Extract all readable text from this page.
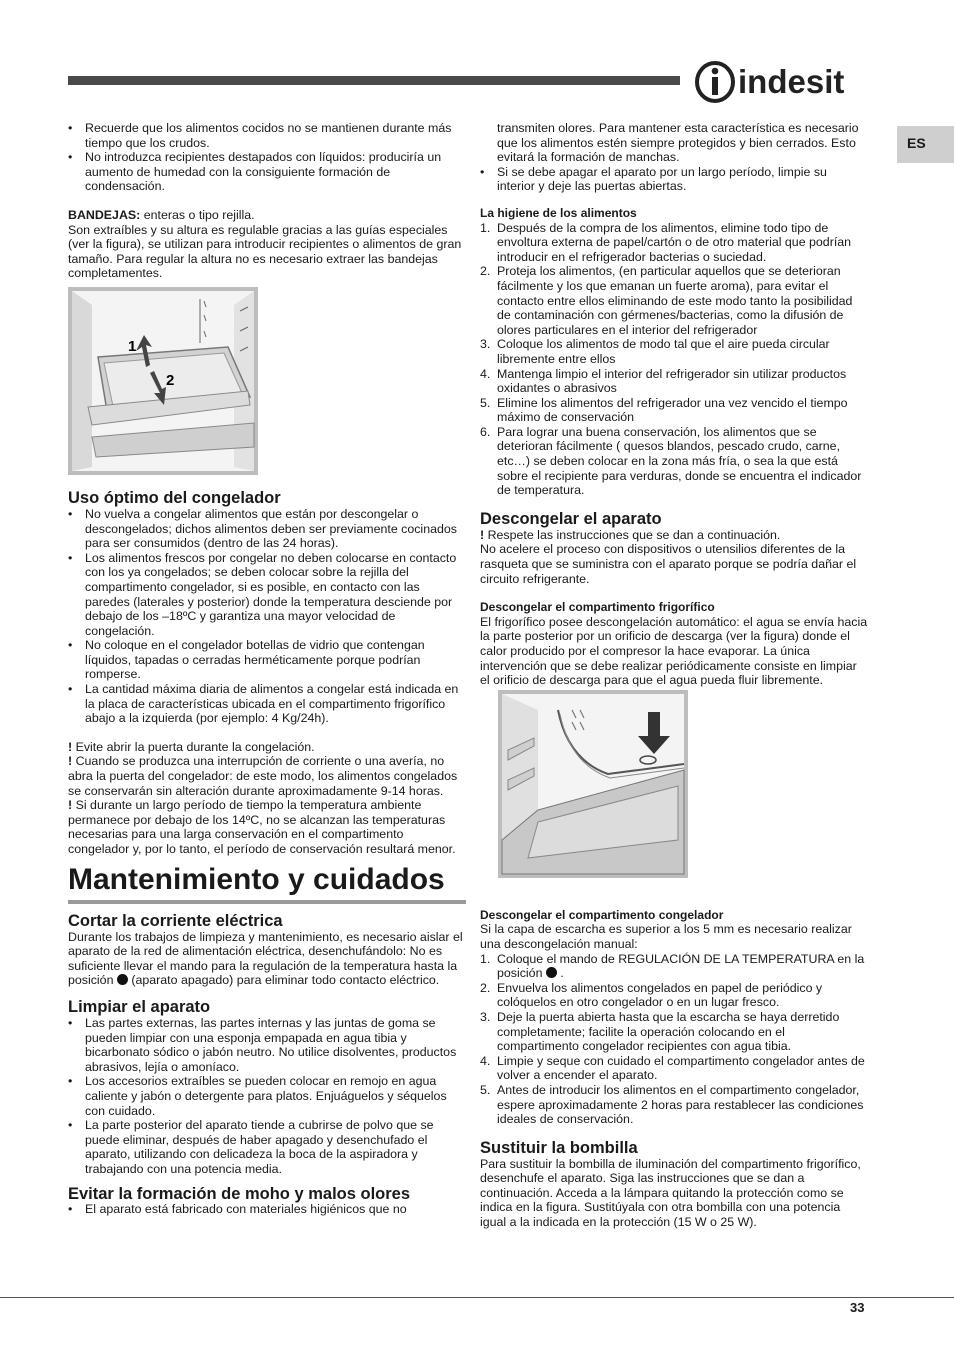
indesit
ES
• Recuerde que los alimentos cocidos no se mantienen durante más tiempo que los crudos.
• No introduzca recipientes destapados con líquidos: produciría un aumento de humedad con la consiguiente formación de condensación.

BANDEJAS: enteras o tipo rejilla.

Son extraíbles y su altura es regulable gracias a las guías especiales (ver la figura), se utilizan para introducir recipientes o alimentos de gran tamaño. Para regular la altura no es necesario extraer las bandejas completamentes.

1
2
Uso óptimo del congelador
• No vuelva a congelar alimentos que están por descongelar o descongelados; dichos alimentos deben ser previamente cocinados para ser consumidos (dentro de las 24 horas).
• Los alimentos frescos por congelar no deben colocarse en contacto con los ya congelados; se deben colocar sobre la rejilla del compartimento congelador, si es posible, en contacto con las paredes (laterales y posterior) donde la temperatura desciende por debajo de los –18ºC y garantiza una mayor velocidad de congelación.
• No coloque en el congelador botellas de vidrio que contengan líquidos, tapadas o cerradas herméticamente porque podrían romperse.
• La cantidad máxima diaria de alimentos a congelar está indicada en la placa de características ubicada en el compartimento frigorífico abajo a la izquierda (por ejemplo: 4 Kg/24h).

! Evite abrir la puerta durante la congelación.

! Cuando se produzca una interrupción de corriente o una avería, no abra la puerta del congelador: de este modo, los alimentos congelados se conservarán sin alteración durante aproximadamente 9-14 horas.

! Si durante un largo período de tiempo la temperatura ambiente permanece por debajo de los 14ºC, no se alcanzan las temperaturas necesarias para una larga conservación en el compartimento congelador y, por lo tanto, el período de conservación resultará menor.

Mantenimiento y cuidados
Cortar la corriente eléctrica

Durante los trabajos de limpieza y mantenimiento, es necesario aislar el aparato de la red de alimentación eléctrica, desenchufándolo: No es suficiente llevar el mando para la regulación de la temperatura hasta la posición  (aparato apagado) para eliminar todo contacto eléctrico.

Limpiar el aparato
• Las partes externas, las partes internas y las juntas de goma se pueden limpiar con una esponja empapada en agua tibia y bicarbonato sódico o jabón neutro. No utilice disolventes, productos abrasivos, lejía o amoníaco.
• Los accesorios extraíbles se pueden colocar en remojo en agua caliente y jabón o detergente para platos. Enjuáguelos y séquelos con cuidado.
• La parte posterior del aparato tiende a cubrirse de polvo que se puede eliminar, después de haber apagado y desenchufado el aparato, utilizando con delicadeza la boca de la aspiradora y trabajando con una potencia media.
Evitar la formación de moho y malos olores
• El aparato está fabricado con materiales higiénicos que no

transmiten olores. Para mantener esta característica es necesario que los alimentos estén siempre protegidos y bien cerrados. Esto evitará la formación de manchas.

• Si se debe apagar el aparato por un largo período, limpie su interior y deje las puertas abiertas.
La higiene de los alimentos
1. Después de la compra de los alimentos, elimine todo tipo de envoltura externa de papel/cartón o de otro material que podrían introducir en el refrigerador bacterias o suciedad.
2. Proteja los alimentos, (en particular aquellos que se deterioran fácilmente y los que emanan un fuerte aroma), para evitar el contacto entre ellos eliminando de este modo tanto la posibilidad de contaminación con gérmenes/bacterias, como la difusión de olores particulares en el interior del refrigerador
3. Coloque los alimentos de modo tal que el aire pueda circular libremente entre ellos
4. Mantenga limpio el interior del refrigerador sin utilizar productos oxidantes o abrasivos
5. Elimine los alimentos del refrigerador una vez vencido el tiempo máximo de conservación
6. Para lograr una buena conservación, los alimentos que se deterioran fácilmente ( quesos blandos, pescado crudo, carne, etc…) se deben colocar en la zona más fría, o sea la que está sobre el recipiente para verduras, donde se encuentra el indicador de temperatura.
Descongelar el aparato

! Respete las instrucciones que se dan a continuación.

No acelere el proceso con dispositivos o utensilios diferentes de la rasqueta que se suministra con el aparato porque se podría dañar el circuito refrigerante.

Descongelar el compartimento frigorífico

El frigorífico posee descongelación automático: el agua se envía hacia la parte posterior por un orificio de descarga (ver la figura) donde el calor producido por el compresor la hace evaporar. La única intervención que se debe realizar periódicamente consiste en limpiar el orificio de descarga para que el agua pueda fluir libremente.

Descongelar el compartimento congelador

Si la capa de escarcha es superior a los 5 mm es necesario realizar una descongelación manual:

1. Coloque el mando de REGULACIÓN DE LA TEMPERATURA en la posición  .
2. Envuelva los alimentos congelados en papel de periódico y colóquelos en otro congelador o en un lugar fresco.
3. Deje la puerta abierta hasta que la escarcha se haya derretido completamente; facilite la operación colocando en el compartimento congelador recipientes con agua tibia.
4. Limpie y seque con cuidado el compartimento congelador antes de volver a encender el aparato.
5. Antes de introducir los alimentos en el compartimento congelador, espere aproximadamente 2 horas para restablecer las condiciones ideales de conservación.
Sustituir la bombilla

Para sustituir la bombilla de iluminación del compartimento frigorífico, desenchufe el aparato. Siga las instrucciones que se dan a continuación. Acceda a la lámpara quitando la protección como se indica en la figura. Sustitúyala con otra bombilla con una potencia igual a la indicada en la protección (15 W o 25 W).

33
